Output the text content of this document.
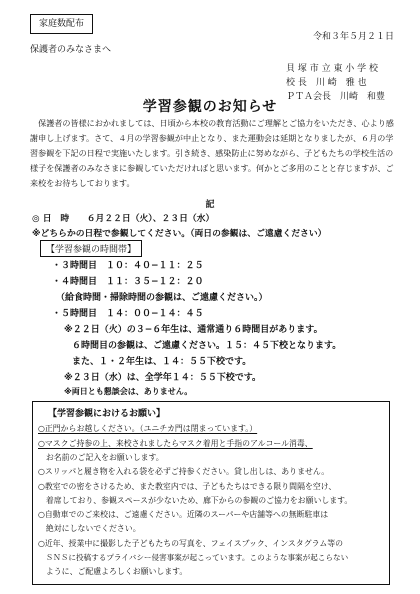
家庭数配布
保護者のみなさまへ
令和３年５月２１日
貝 塚 市 立 東 小 学 校
校 長　川 崎　雅 也
ＰＴＡ会長　川崎　和豊
学習参観のお知らせ
保護者の皆様におかれましては、日頃から本校の教育活動にご理解とご協力をいただき、心より感謝申し上げます。さて、４月の学習参観が中止となり、また運動会は延期となりましたが、６月の学習参観を下記の日程で実施いたします。引き続き、感染防止に努めながら、子どもたちの学校生活の様子を保護者のみなさまに参観していただければと思います。何かとご多用のことと存じますが、ご来校をお待ちしております。
記
◎ 日　時　　６月２２日（火）、２３日（水）
※どちらかの日程で参観してください。（両日の参観は、ご遠慮ください）
【学習参観の時間帯】
・３時間目　１０：４０−１１：２５
・４時間目　１１：３５−１２：２０
（給食時間・掃除時間の参観は、ご遠慮ください。）
・５時間目　１４：００−１４：４５
※２２日（火）の３−６年生は、通常通り６時間目があります。
６時間目の参観は、ご遠慮ください。１５：４５下校となります。
また、１・２年生は、１４：５５下校です。
※２３日（水）は、全学年１４：５５下校です。
※両日とも懇談会は、ありません。
【学習参観におけるお願い】
○正門からお越しください。（ユニチカ門は閉まっています。）
○マスクご持参の上、来校されましたらマスク着用と手指のアルコール消毒、
　お名前のご記入をお願いします。
○スリッパと履き物を入れる袋を必ずご持参ください。貸し出しは、ありません。
○教室での密をさけるため、また教室内では、子どもたちはできる限り間隔を空け、
　着席しており、参観スペースが少ないため、廊下からの参観のご協力をお願いします。
○自動車でのご来校は、ご遠慮ください。近隣のスーパーや店舗等への無断駐車は
　絶対にしないでください。
○近年、授業中に撮影した子どもたちの写真を、フェイスブック、インスタグラム等の
　ＳＮＳに投稿するプライバシー侵害事案が起こっています。このような事案が起こらない
　ように、ご配慮よろしくお願いします。
